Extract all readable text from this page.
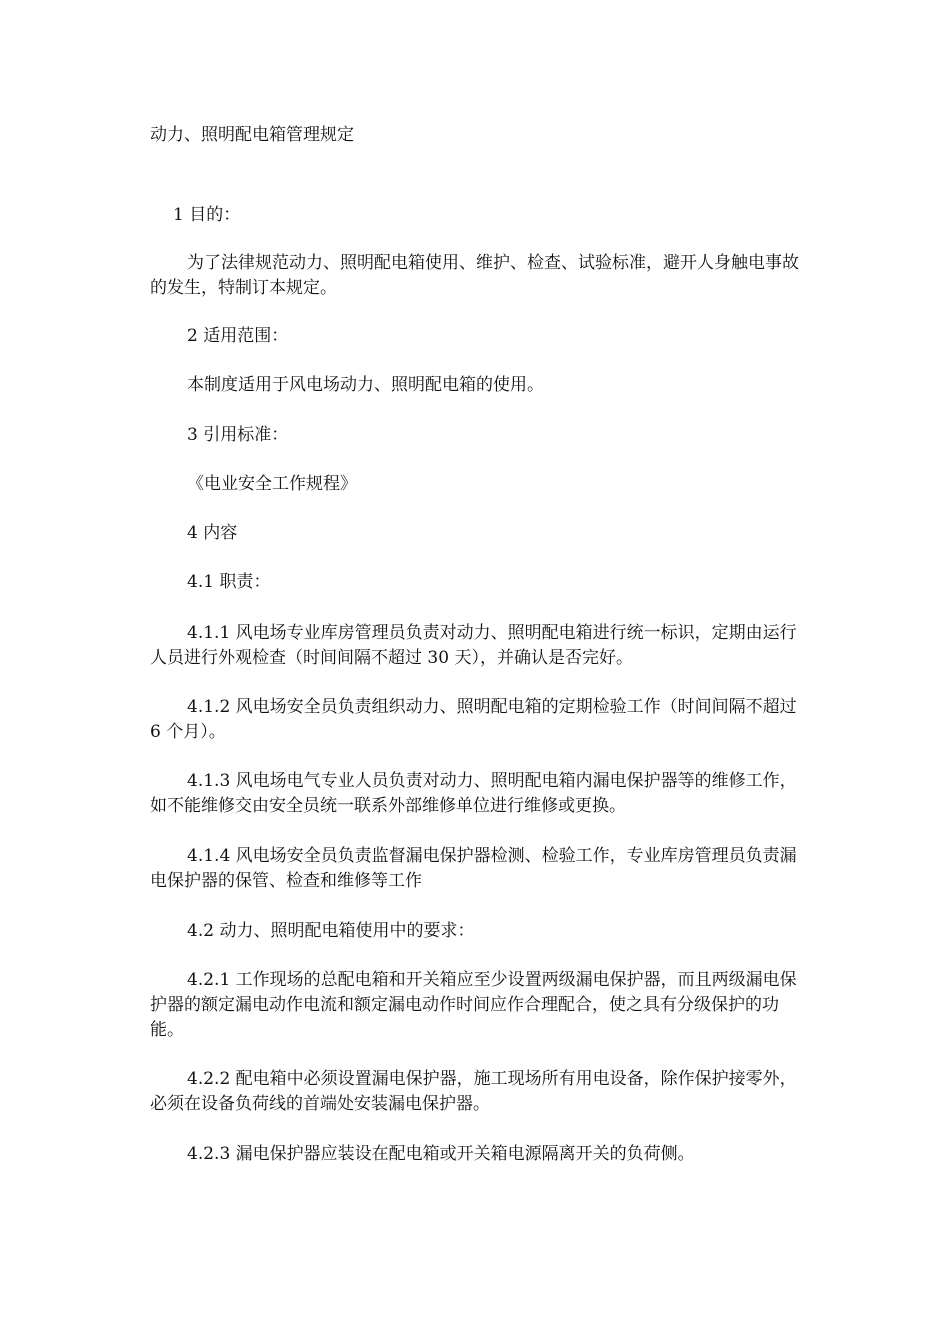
动力、照明配电箱管理规定
1 目的：
为了法律规范动力、照明配电箱使用、维护、检查、试验标准，避开人身触电事故的发生，特制订本规定。
2 适用范围：
本制度适用于风电场动力、照明配电箱的使用。
3 引用标准：
《电业安全工作规程》
4 内容
4.1 职责：
4.1.1 风电场专业库房管理员负责对动力、照明配电箱进行统一标识，定期由运行人员进行外观检查（时间间隔不超过 30 天），并确认是否完好。
4.1.2 风电场安全员负责组织动力、照明配电箱的定期检验工作（时间间隔不超过 6 个月）。
4.1.3 风电场电气专业人员负责对动力、照明配电箱内漏电保护器等的维修工作，如不能维修交由安全员统一联系外部维修单位进行维修或更换。
4.1.4 风电场安全员负责监督漏电保护器检测、检验工作，专业库房管理员负责漏电保护器的保管、检查和维修等工作
4.2 动力、照明配电箱使用中的要求：
4.2.1 工作现场的总配电箱和开关箱应至少设置两级漏电保护器，而且两级漏电保护器的额定漏电动作电流和额定漏电动作时间应作合理配合，使之具有分级保护的功能。
4.2.2 配电箱中必须设置漏电保护器，施工现场所有用电设备，除作保护接零外，必须在设备负荷线的首端处安装漏电保护器。
4.2.3 漏电保护器应装设在配电箱或开关箱电源隔离开关的负荷侧。
